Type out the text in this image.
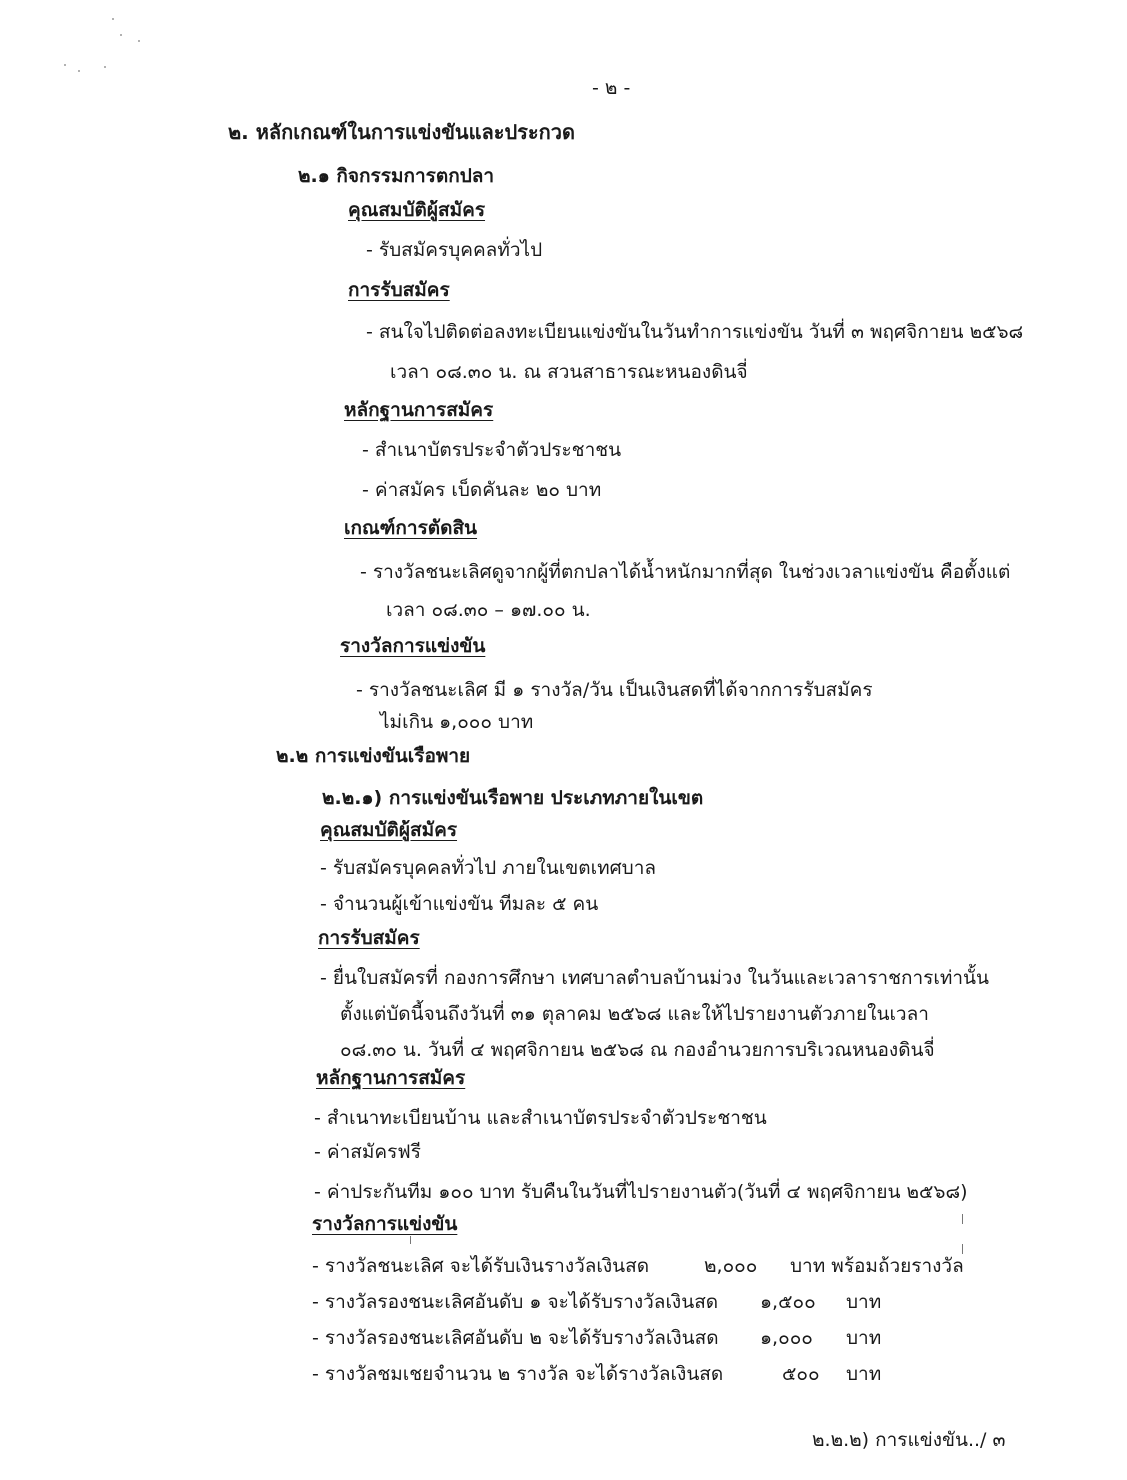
- ๒ -
๒. หลักเกณฑ์ในการแข่งขันและประกวด
๒.๑ กิจกรรมการตกปลา
คุณสมบัติผู้สมัคร
- รับสมัครบุคคลทั่วไป
การรับสมัคร
- สนใจไปติดต่อลงทะเบียนแข่งขันในวันทำการแข่งขัน วันที่ ๓ พฤศจิกายน ๒๕๖๘
เวลา ๐๘.๓๐ น. ณ สวนสาธารณะหนองดินจี่
หลักฐานการสมัคร
- สำเนาบัตรประจำตัวประชาชน
- ค่าสมัคร เบ็ดคันละ ๒๐ บาท
เกณฑ์การตัดสิน
- รางวัลชนะเลิศดูจากผู้ที่ตกปลาได้น้ำหนักมากที่สุด ในช่วงเวลาแข่งขัน คือตั้งแต่
เวลา ๐๘.๓๐ – ๑๗.๐๐ น.
รางวัลการแข่งขัน
- รางวัลชนะเลิศ มี ๑ รางวัล/วัน เป็นเงินสดที่ได้จากการรับสมัคร
ไม่เกิน ๑,๐๐๐ บาท
๒.๒ การแข่งขันเรือพาย
๒.๒.๑) การแข่งขันเรือพาย ประเภทภายในเขต
คุณสมบัติผู้สมัคร
- รับสมัครบุคคลทั่วไป ภายในเขตเทศบาล
- จำนวนผู้เข้าแข่งขัน ทีมละ ๕ คน
การรับสมัคร
- ยื่นใบสมัครที่ กองการศึกษา เทศบาลตำบลบ้านม่วง ในวันและเวลาราชการเท่านั้น
ตั้งแต่บัดนี้จนถึงวันที่ ๓๑ ตุลาคม ๒๕๖๘ และให้ไปรายงานตัวภายในเวลา
๐๘.๓๐ น. วันที่ ๔ พฤศจิกายน ๒๕๖๘ ณ กองอำนวยการบริเวณหนองดินจี่
หลักฐานการสมัคร
- สำเนาทะเบียนบ้าน และสำเนาบัตรประจำตัวประชาชน
- ค่าสมัครฟรี
- ค่าประกันทีม ๑๐๐ บาท รับคืนในวันที่ไปรายงานตัว(วันที่ ๔ พฤศจิกายน ๒๕๖๘)
รางวัลการแข่งขัน
- รางวัลชนะเลิศ จะได้รับเงินรางวัลเงินสด	๒,๐๐๐ บาท พร้อมถ้วยรางวัล
- รางวัลรองชนะเลิศอันดับ ๑ จะได้รับรางวัลเงินสด ๑,๕๐๐ บาท
- รางวัลรองชนะเลิศอันดับ ๒ จะได้รับรางวัลเงินสด ๑,๐๐๐ บาท
- รางวัลชมเชยจำนวน ๒ รางวัล จะได้รางวัลเงินสด	๕๐๐ บาท
๒.๒.๒) การแข่งขัน../ ๓
